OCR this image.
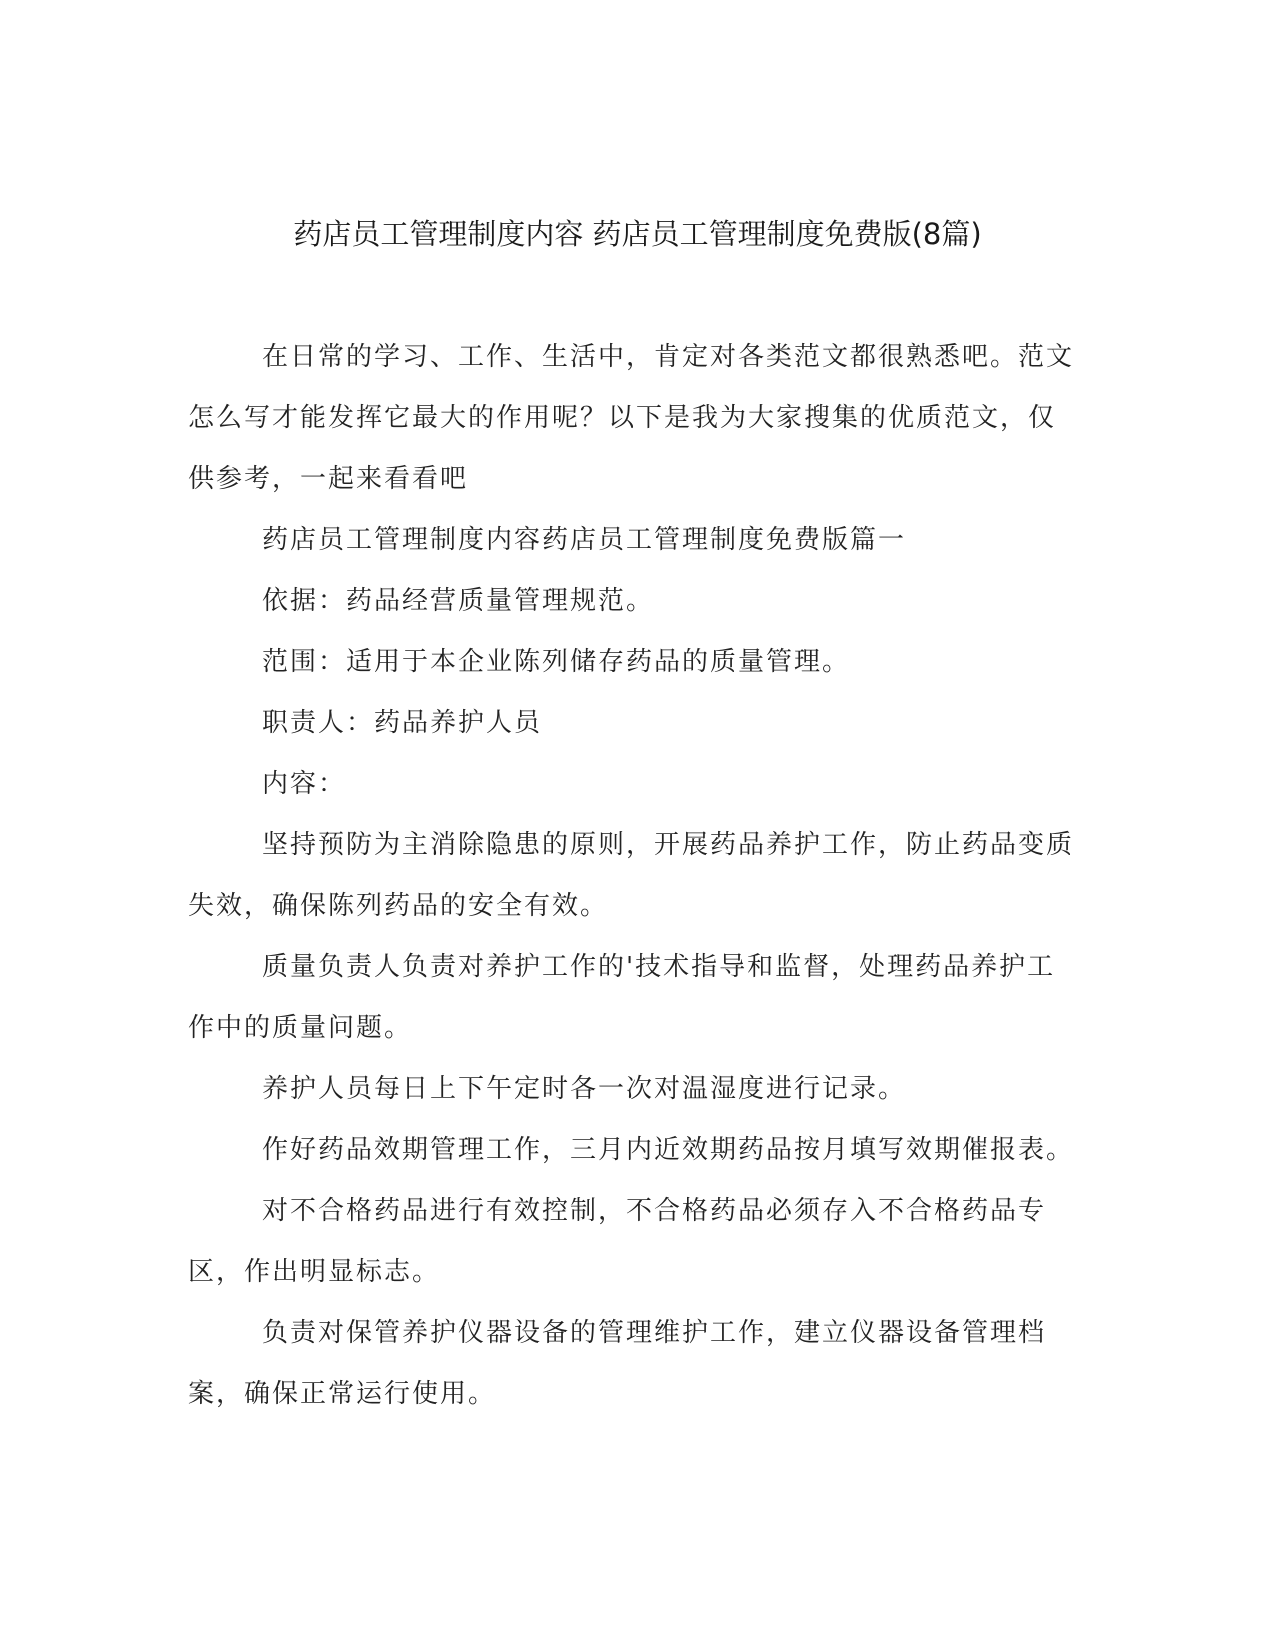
药店员工管理制度内容 药店员工管理制度免费版(8篇)

在日常的学习、工作、生活中，肯定对各类范文都很熟悉吧。范文怎么写才能发挥它最大的作用呢？以下是我为大家搜集的优质范文，仅供参考，一起来看看吧

药店员工管理制度内容药店员工管理制度免费版篇一

依据：药品经营质量管理规范。

范围：适用于本企业陈列储存药品的质量管理。

职责人：药品养护人员

内容：

坚持预防为主消除隐患的原则，开展药品养护工作，防止药品变质失效，确保陈列药品的安全有效。

质量负责人负责对养护工作的'技术指导和监督，处理药品养护工作中的质量问题。

养护人员每日上下午定时各一次对温湿度进行记录。

作好药品效期管理工作，三月内近效期药品按月填写效期催报表。

对不合格药品进行有效控制，不合格药品必须存入不合格药品专区，作出明显标志。

负责对保管养护仪器设备的管理维护工作，建立仪器设备管理档案，确保正常运行使用。
